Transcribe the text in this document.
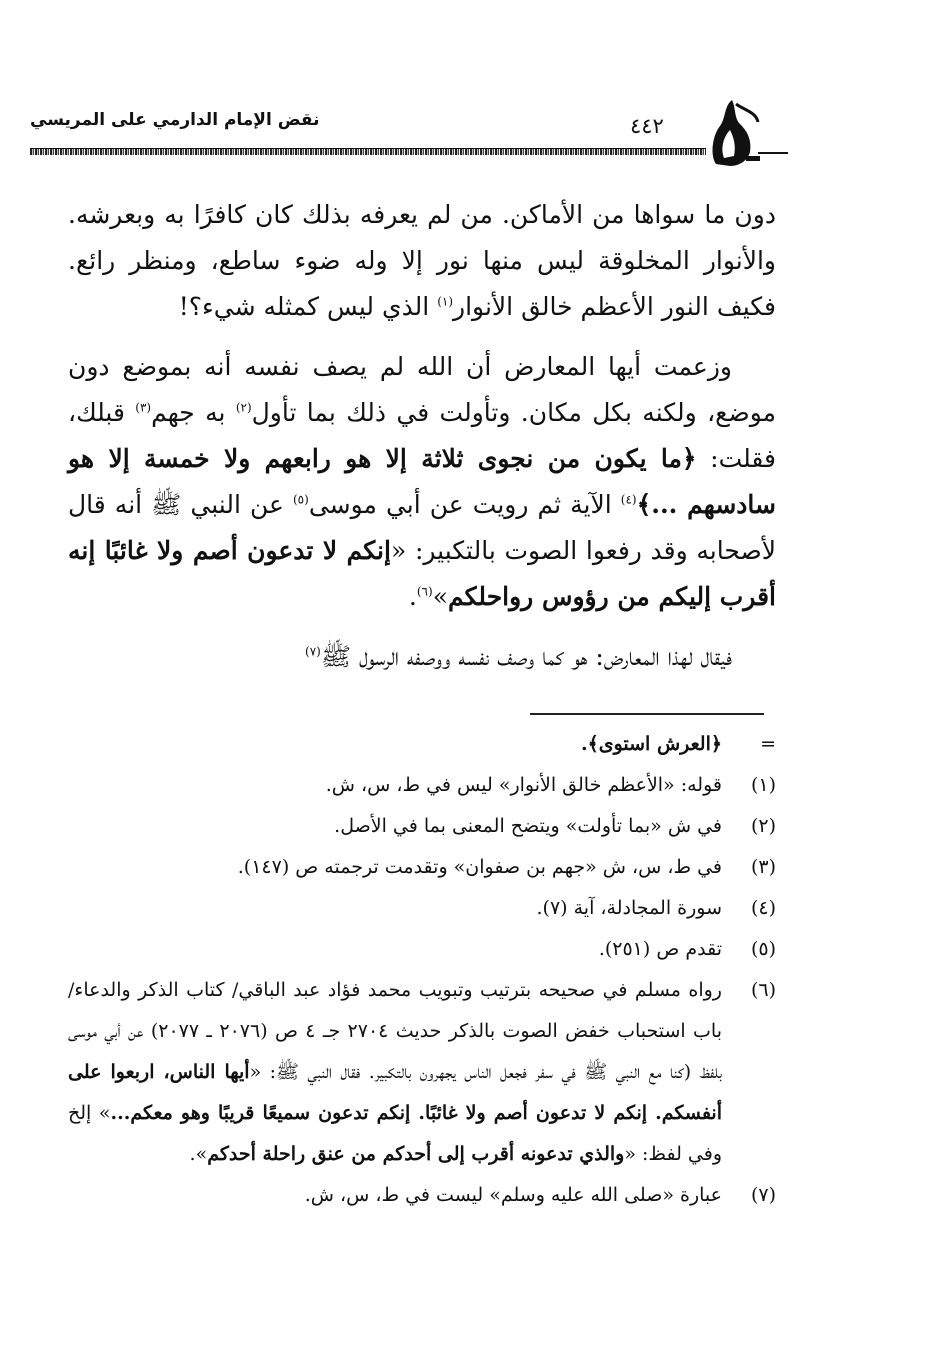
نقض الإمام الدارمي على المريسي	٤٤٢

دون ما سواها من الأماكن. من لم يعرفه بذلك كان كافرًا به وبعرشه. والأنوار المخلوقة ليس منها نور إلا وله ضوء ساطع، ومنظر رائع. فكيف النور الأعظم خالق الأنوار$^{(١)}$ الذي ليس كمثله شيء؟!

وزعمت أيها المعارض أن الله لم يصف نفسه أنه بموضع دون موضع، ولكنه بكل مكان. وتأولت في ذلك بما تأول$^{(٢)}$ به جهم$^{(٣)}$ قبلك، فقلت: ﴿ما يكون من نجوى ثلاثة إلا هو رابعهم ولا خمسة إلا هو سادسهم ...﴾$^{(٤)}$ الآية ثم رويت عن أبي موسى$^{(٥)}$ عن النبي ﷺ أنه قال لأصحابه وقد رفعوا الصوت بالتكبير: «إنكم لا تدعون أصم ولا غائبًا إنه أقرب إليكم من رؤوس رواحلكم»$^{(٦)}$.

فيقال لهذا المعارض: هو كما وصف نفسه ووصفه الرسول ﷺ$^{(٧)}$

=﴿العرش استوى﴾.
(١)
قوله: «الأعظم خالق الأنوار» ليس في ط، س، ش.
(٢)
في ش «بما تأولت» ويتضح المعنى بما في الأصل.
(٣)
في ط، س، ش «جهم بن صفوان» وتقدمت ترجمته ص (١٤٧).
(٤)
سورة المجادلة، آية (٧).
(٥)
تقدم ص (٢٥١).
(٦)
رواه مسلم في صحيحه بترتيب وتبويب محمد فؤاد عبد الباقي/ كتاب الذكر والدعاء/ باب استحباب خفض الصوت بالذكر حديث ٢٧٠٤ جـ ٤ ص (٢٠٧٦ ـ ٢٠٧٧) عن أبي موسى بلفظ (كنا مع النبي ﷺ في سفر فجعل الناس يجهرون بالتكبير. فقال النبي ﷺ: «أيها الناس، اربعوا على أنفسكم. إنكم لا تدعون أصم ولا غائبًا. إنكم تدعون سميعًا قريبًا وهو معكم...» إلخ وفي لفظ: «والذي تدعونه أقرب إلى أحدكم من عنق راحلة أحدكم».
(٧)
عبارة «صلى الله عليه وسلم» ليست في ط، س، ش.
